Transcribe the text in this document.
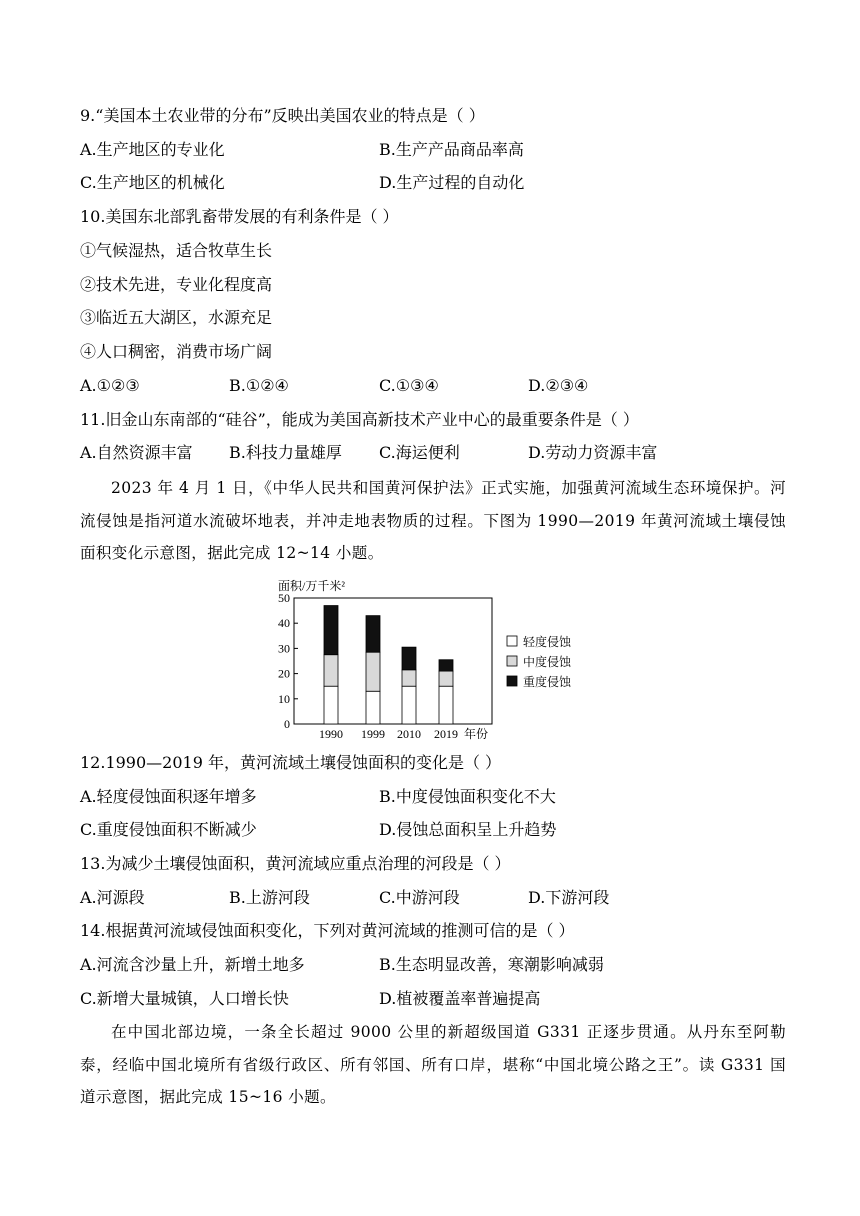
9.“美国本土农业带的分布”反映出美国农业的特点是（ ）
A.生产地区的专业化	B.生产产品商品率高
C.生产地区的机械化	D.生产过程的自动化
10.美国东北部乳畜带发展的有利条件是（ ）
①气候湿热，适合牧草生长
②技术先进，专业化程度高
③临近五大湖区，水源充足
④人口稠密，消费市场广阔
A.①②③	B.①②④	C.①③④	D.②③④
11.旧金山东南部的“硅谷”，能成为美国高新技术产业中心的最重要条件是（ ）
A.自然资源丰富 B.科技力量雄厚 C.海运便利	D.劳动力资源丰富
2023 年 4 月 1 日，《中华人民共和国黄河保护法》正式实施，加强黄河流域生态环境保护。河流侵蚀是指河道水流破坏地表，并冲走地表物质的过程。下图为 1990—2019 年黄河流域土壤侵蚀面积变化示意图，据此完成 12~14 小题。
面积/万千米²
0
10
20
30
40
50
1990 1999 2010 2019 年份
轻度侵蚀
中度侵蚀
重度侵蚀
12.1990—2019 年，黄河流域土壤侵蚀面积的变化是（ ）
A.轻度侵蚀面积逐年增多	B.中度侵蚀面积变化不大
C.重度侵蚀面积不断减少	D.侵蚀总面积呈上升趋势
13.为减少土壤侵蚀面积，黄河流域应重点治理的河段是（ ）
A.河源段	B.上游河段	C.中游河段	D.下游河段
14.根据黄河流域侵蚀面积变化，下列对黄河流域的推测可信的是（ ）
A.河流含沙量上升，新增土地多	B.生态明显改善，寒潮影响减弱
C.新增大量城镇，人口增长快	D.植被覆盖率普遍提高
在中国北部边境，一条全长超过 9000 公里的新超级国道 G331 正逐步贯通。从丹东至阿勒泰，经临中国北境所有省级行政区、所有邻国、所有口岸，堪称“中国北境公路之王”。读 G331 国道示意图，据此完成 15~16 小题。
